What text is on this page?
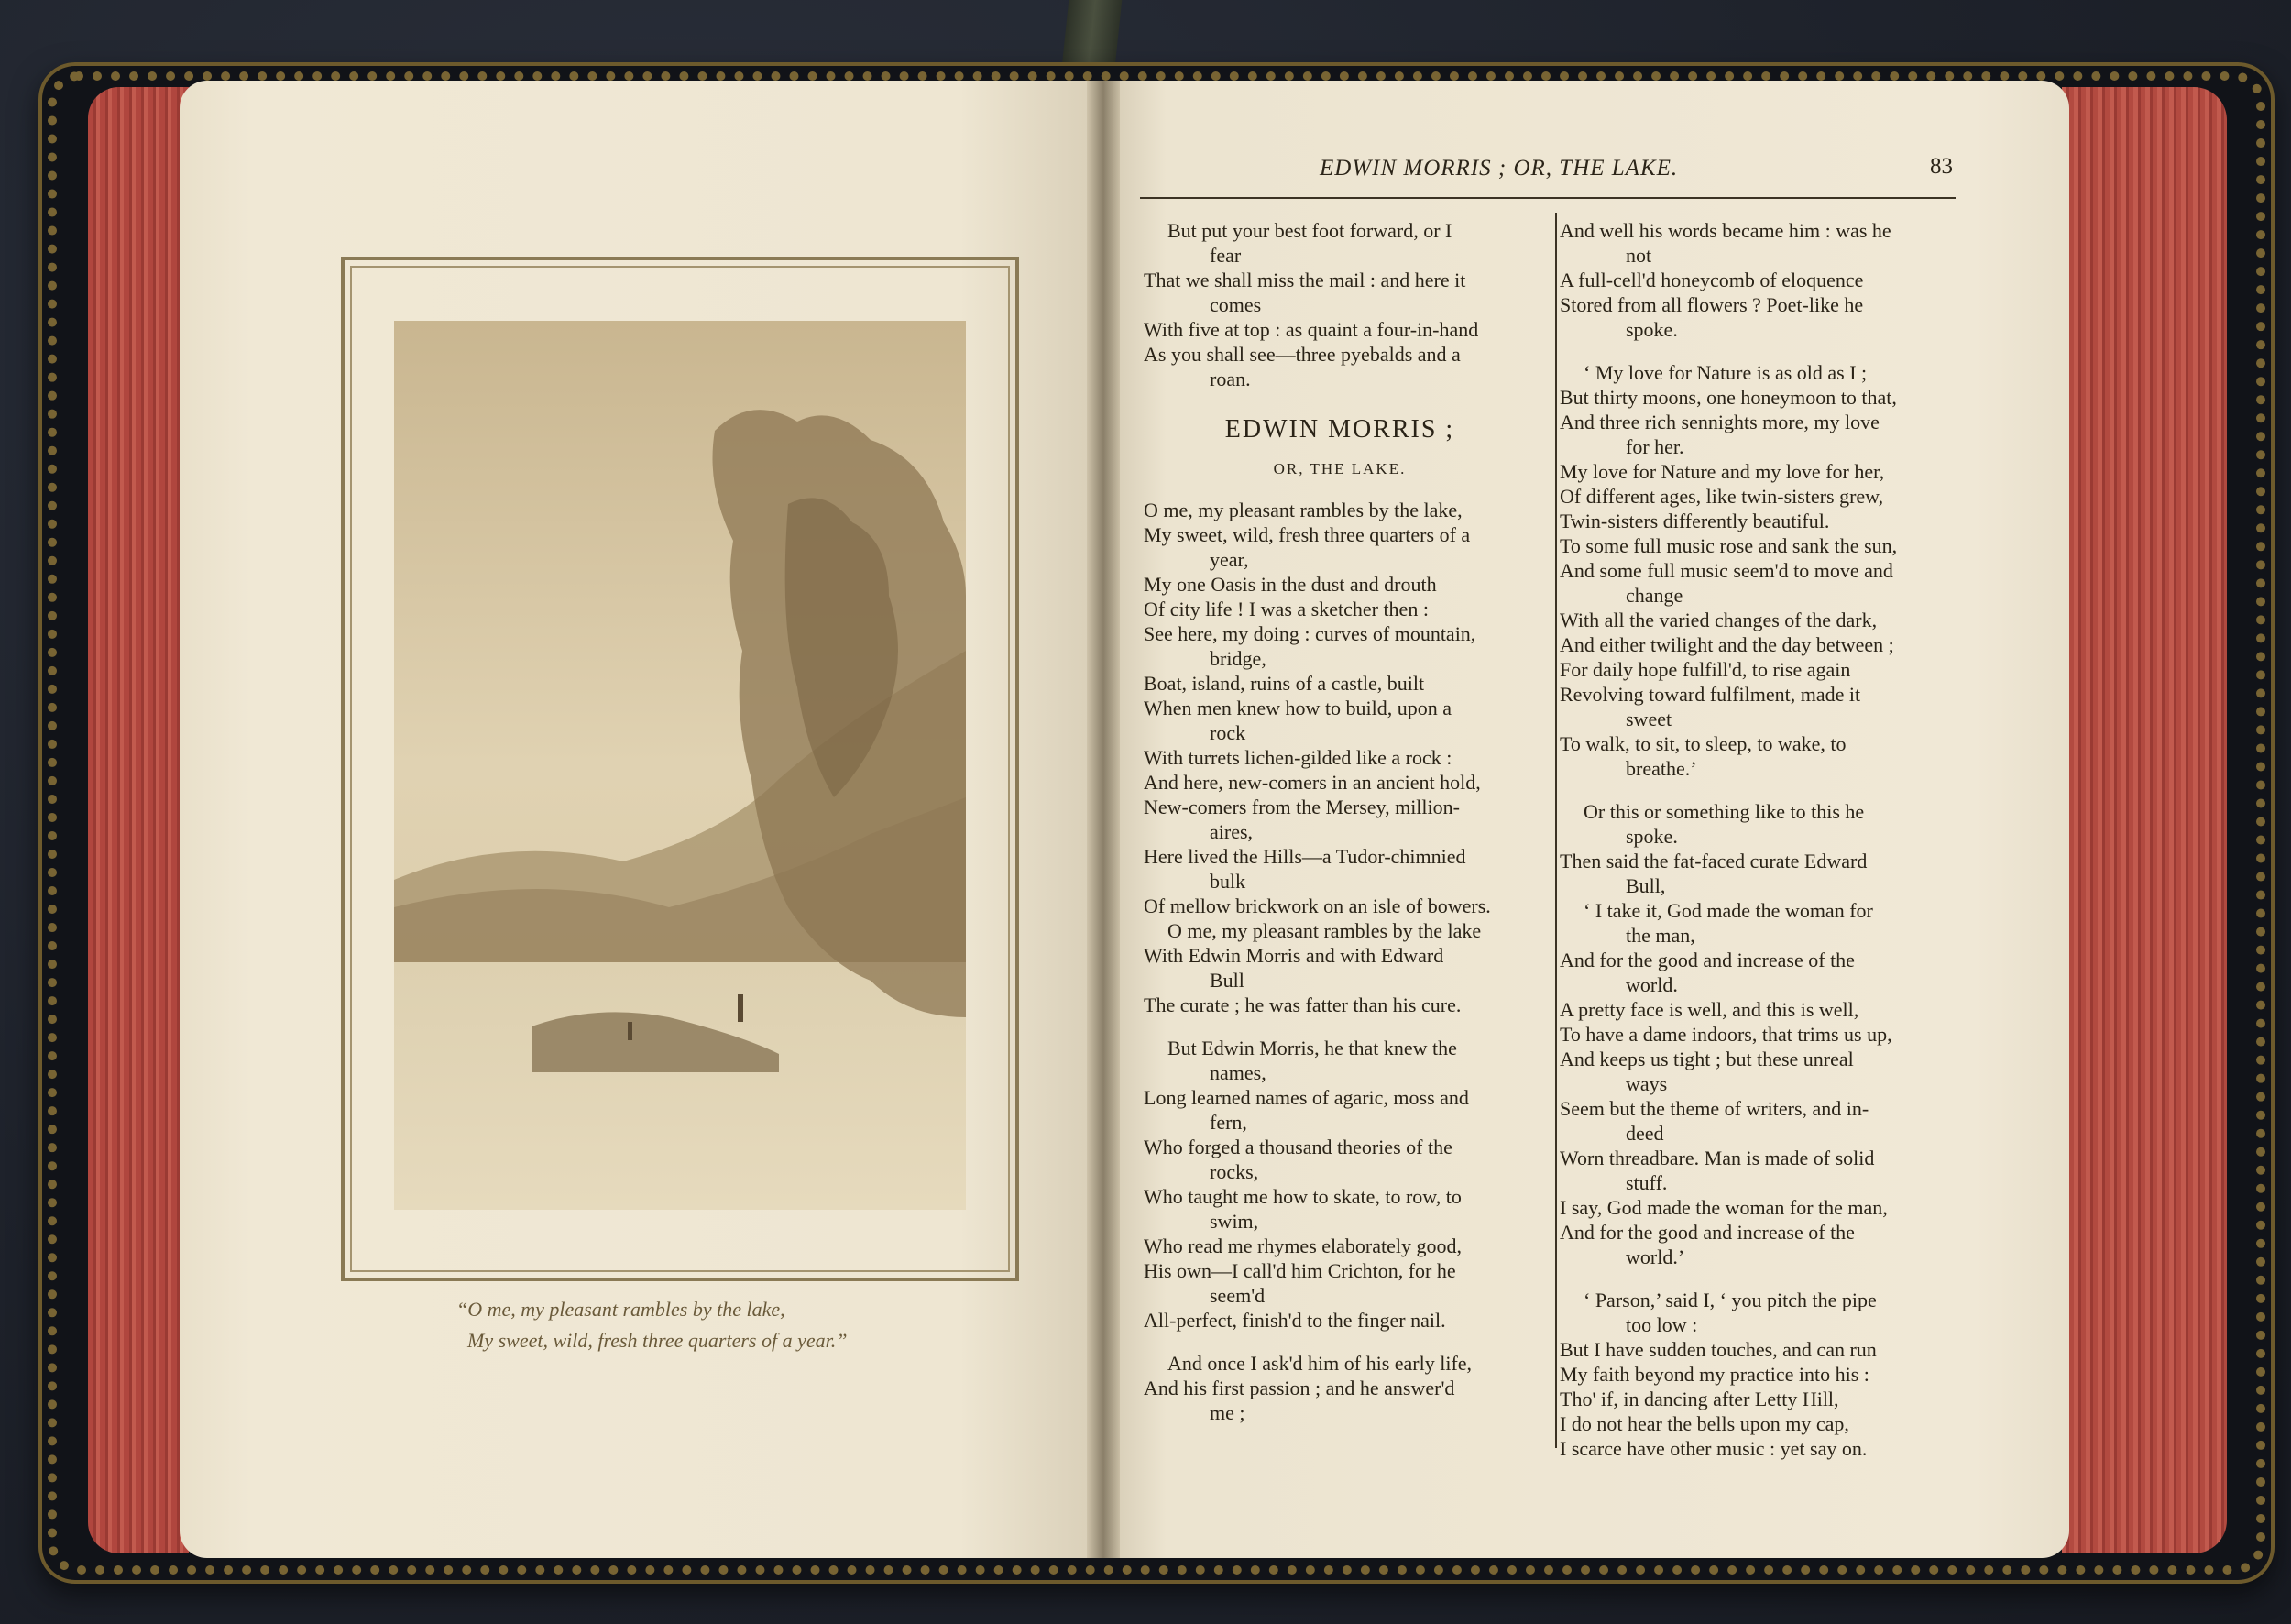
“O me, my pleasant rambles by the lake,
My sweet, wild, fresh three quarters of a year.”
EDWIN MORRIS ; OR, THE LAKE.	83
But put your best foot forward, or I
fear
That we shall miss the mail : and here it
comes
With five at top : as quaint a four-in-hand
As you shall see—three pyebalds and a
roan.
EDWIN MORRIS ;
OR, THE LAKE.
O me, my pleasant rambles by the lake,
My sweet, wild, fresh three quarters of a
year,
My one Oasis in the dust and drouth
Of city life ! I was a sketcher then :
See here, my doing : curves of mountain,
bridge,
Boat, island, ruins of a castle, built
When men knew how to build, upon a
rock
With turrets lichen-gilded like a rock :
And here, new-comers in an ancient hold,
New-comers from the Mersey, million-
aires,
Here lived the Hills—a Tudor-chimnied
bulk
Of mellow brickwork on an isle of bowers.
O me, my pleasant rambles by the lake
With Edwin Morris and with Edward
Bull
The curate ; he was fatter than his cure.
But Edwin Morris, he that knew the
names,
Long learned names of agaric, moss and
fern,
Who forged a thousand theories of the
rocks,
Who taught me how to skate, to row, to
swim,
Who read me rhymes elaborately good,
His own—I call'd him Crichton, for he
seem'd
All-perfect, finish'd to the finger nail.
And once I ask'd him of his early life,
And his first passion ; and he answer'd
me ;
And well his words became him : was he
not
A full-cell'd honeycomb of eloquence
Stored from all flowers ? Poet-like he
spoke.
‘ My love for Nature is as old as I ;
But thirty moons, one honeymoon to that,
And three rich sennights more, my love
for her.
My love for Nature and my love for her,
Of different ages, like twin-sisters grew,
Twin-sisters differently beautiful.
To some full music rose and sank the sun,
And some full music seem'd to move and
change
With all the varied changes of the dark,
And either twilight and the day between ;
For daily hope fulfill'd, to rise again
Revolving toward fulfilment, made it
sweet
To walk, to sit, to sleep, to wake, to
breathe.’
Or this or something like to this he
spoke.
Then said the fat-faced curate Edward
Bull,
‘ I take it, God made the woman for
the man,
And for the good and increase of the
world.
A pretty face is well, and this is well,
To have a dame indoors, that trims us up,
And keeps us tight ; but these unreal
ways
Seem but the theme of writers, and in-
deed
Worn threadbare. Man is made of solid
stuff.
I say, God made the woman for the man,
And for the good and increase of the
world.’
‘ Parson,’ said I, ‘ you pitch the pipe
too low :
But I have sudden touches, and can run
My faith beyond my practice into his :
Tho' if, in dancing after Letty Hill,
I do not hear the bells upon my cap,
I scarce have other music : yet say on.
